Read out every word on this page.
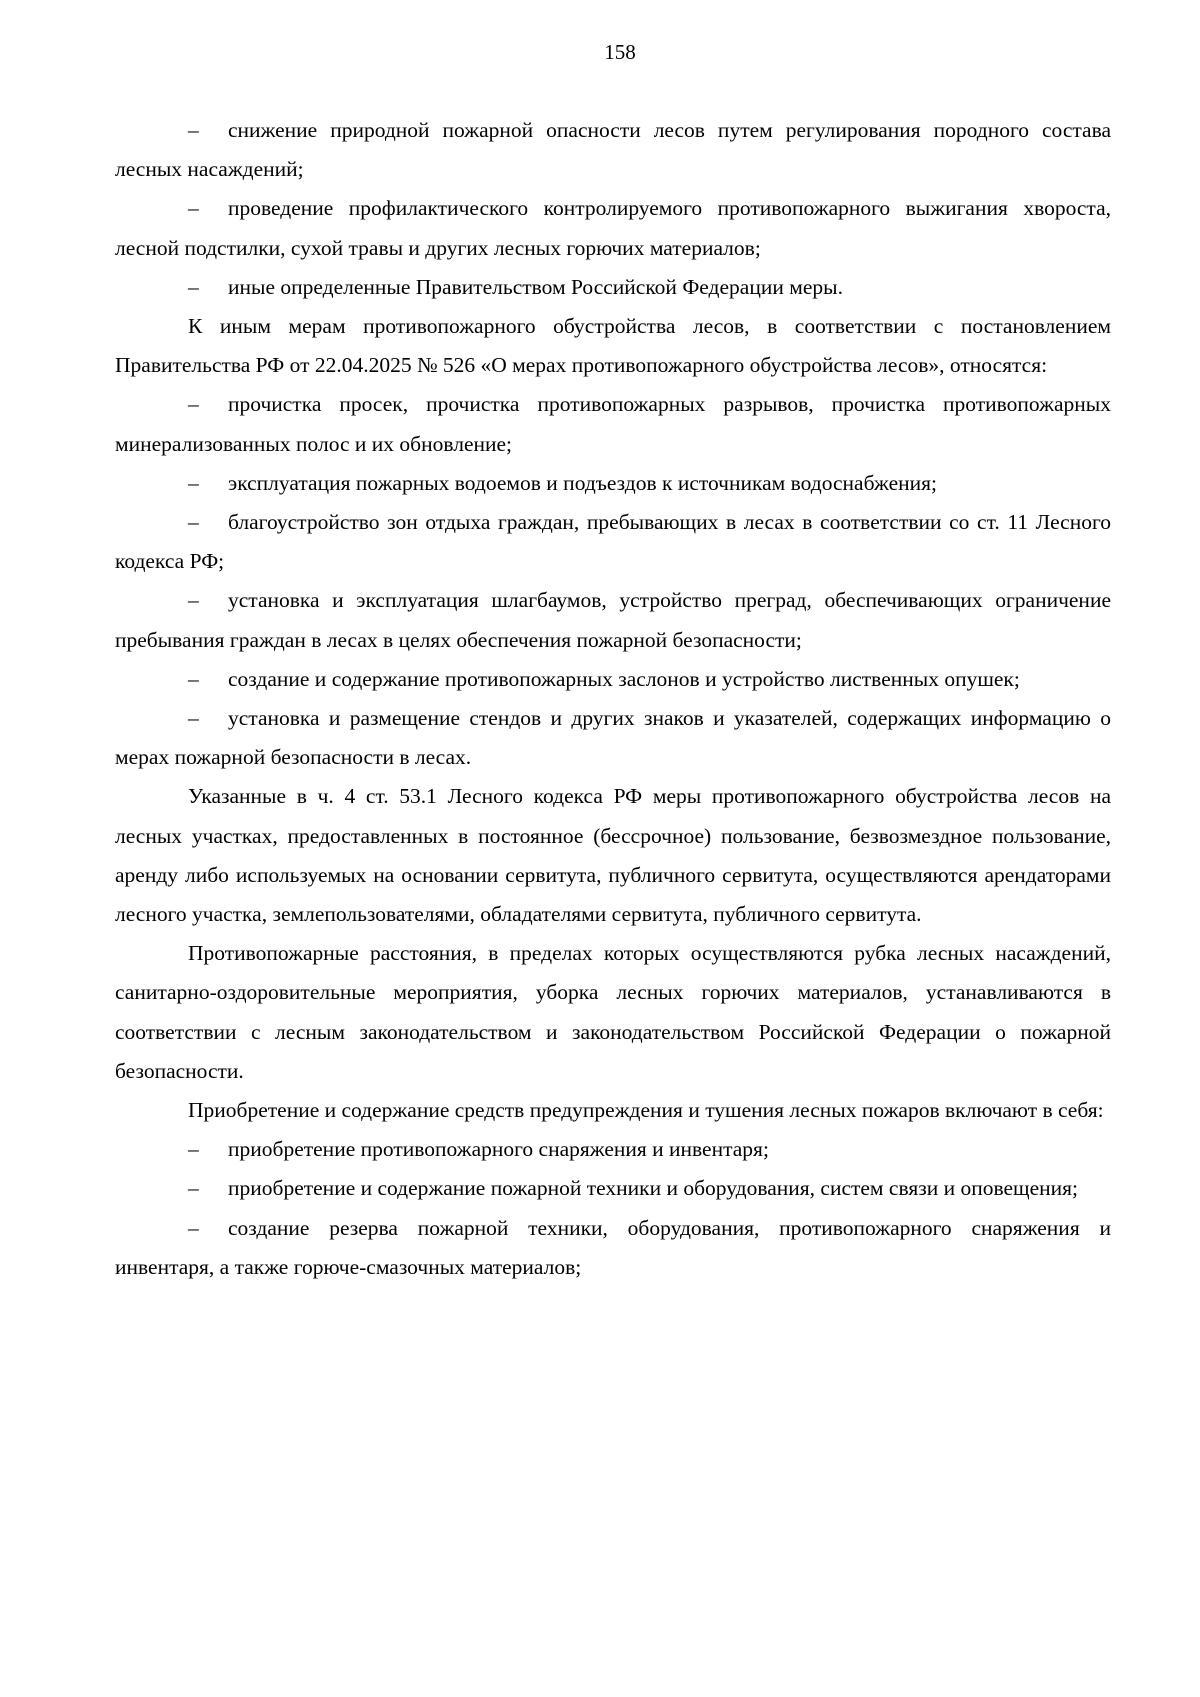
158

– снижение природной пожарной опасности лесов путем регулирования породного состава лесных насаждений;

– проведение профилактического контролируемого противопожарного выжигания хвороста, лесной подстилки, сухой травы и других лесных горючих материалов;

– иные определенные Правительством Российской Федерации меры.

К иным мерам противопожарного обустройства лесов, в соответствии с постановлением Правительства РФ от 22.04.2025 № 526 «О мерах противопожарного обустройства лесов», относятся:

– прочистка просек, прочистка противопожарных разрывов, прочистка противопожарных минерализованных полос и их обновление;

– эксплуатация пожарных водоемов и подъездов к источникам водоснабжения;

– благоустройство зон отдыха граждан, пребывающих в лесах в соответствии со ст. 11 Лесного кодекса РФ;

– установка и эксплуатация шлагбаумов, устройство преград, обеспечивающих ограничение пребывания граждан в лесах в целях обеспечения пожарной безопасности;

– создание и содержание противопожарных заслонов и устройство лиственных опушек;

– установка и размещение стендов и других знаков и указателей, содержащих информацию о мерах пожарной безопасности в лесах.

Указанные в ч. 4 ст. 53.1 Лесного кодекса РФ меры противопожарного обустройства лесов на лесных участках, предоставленных в постоянное (бессрочное) пользование, безвозмездное пользование, аренду либо используемых на основании сервитута, публичного сервитута, осуществляются арендаторами лесного участка, землепользователями, обладателями сервитута, публичного сервитута.

Противопожарные расстояния, в пределах которых осуществляются рубка лесных насаждений, санитарно-оздоровительные мероприятия, уборка лесных горючих материалов, устанавливаются в соответствии с лесным законодательством и законодательством Российской Федерации о пожарной безопасности.

Приобретение и содержание средств предупреждения и тушения лесных пожаров включают в себя:

– приобретение противопожарного снаряжения и инвентаря;

– приобретение и содержание пожарной техники и оборудования, систем связи и оповещения;

– создание резерва пожарной техники, оборудования, противопожарного снаряжения и инвентаря, а также горюче-смазочных материалов;
